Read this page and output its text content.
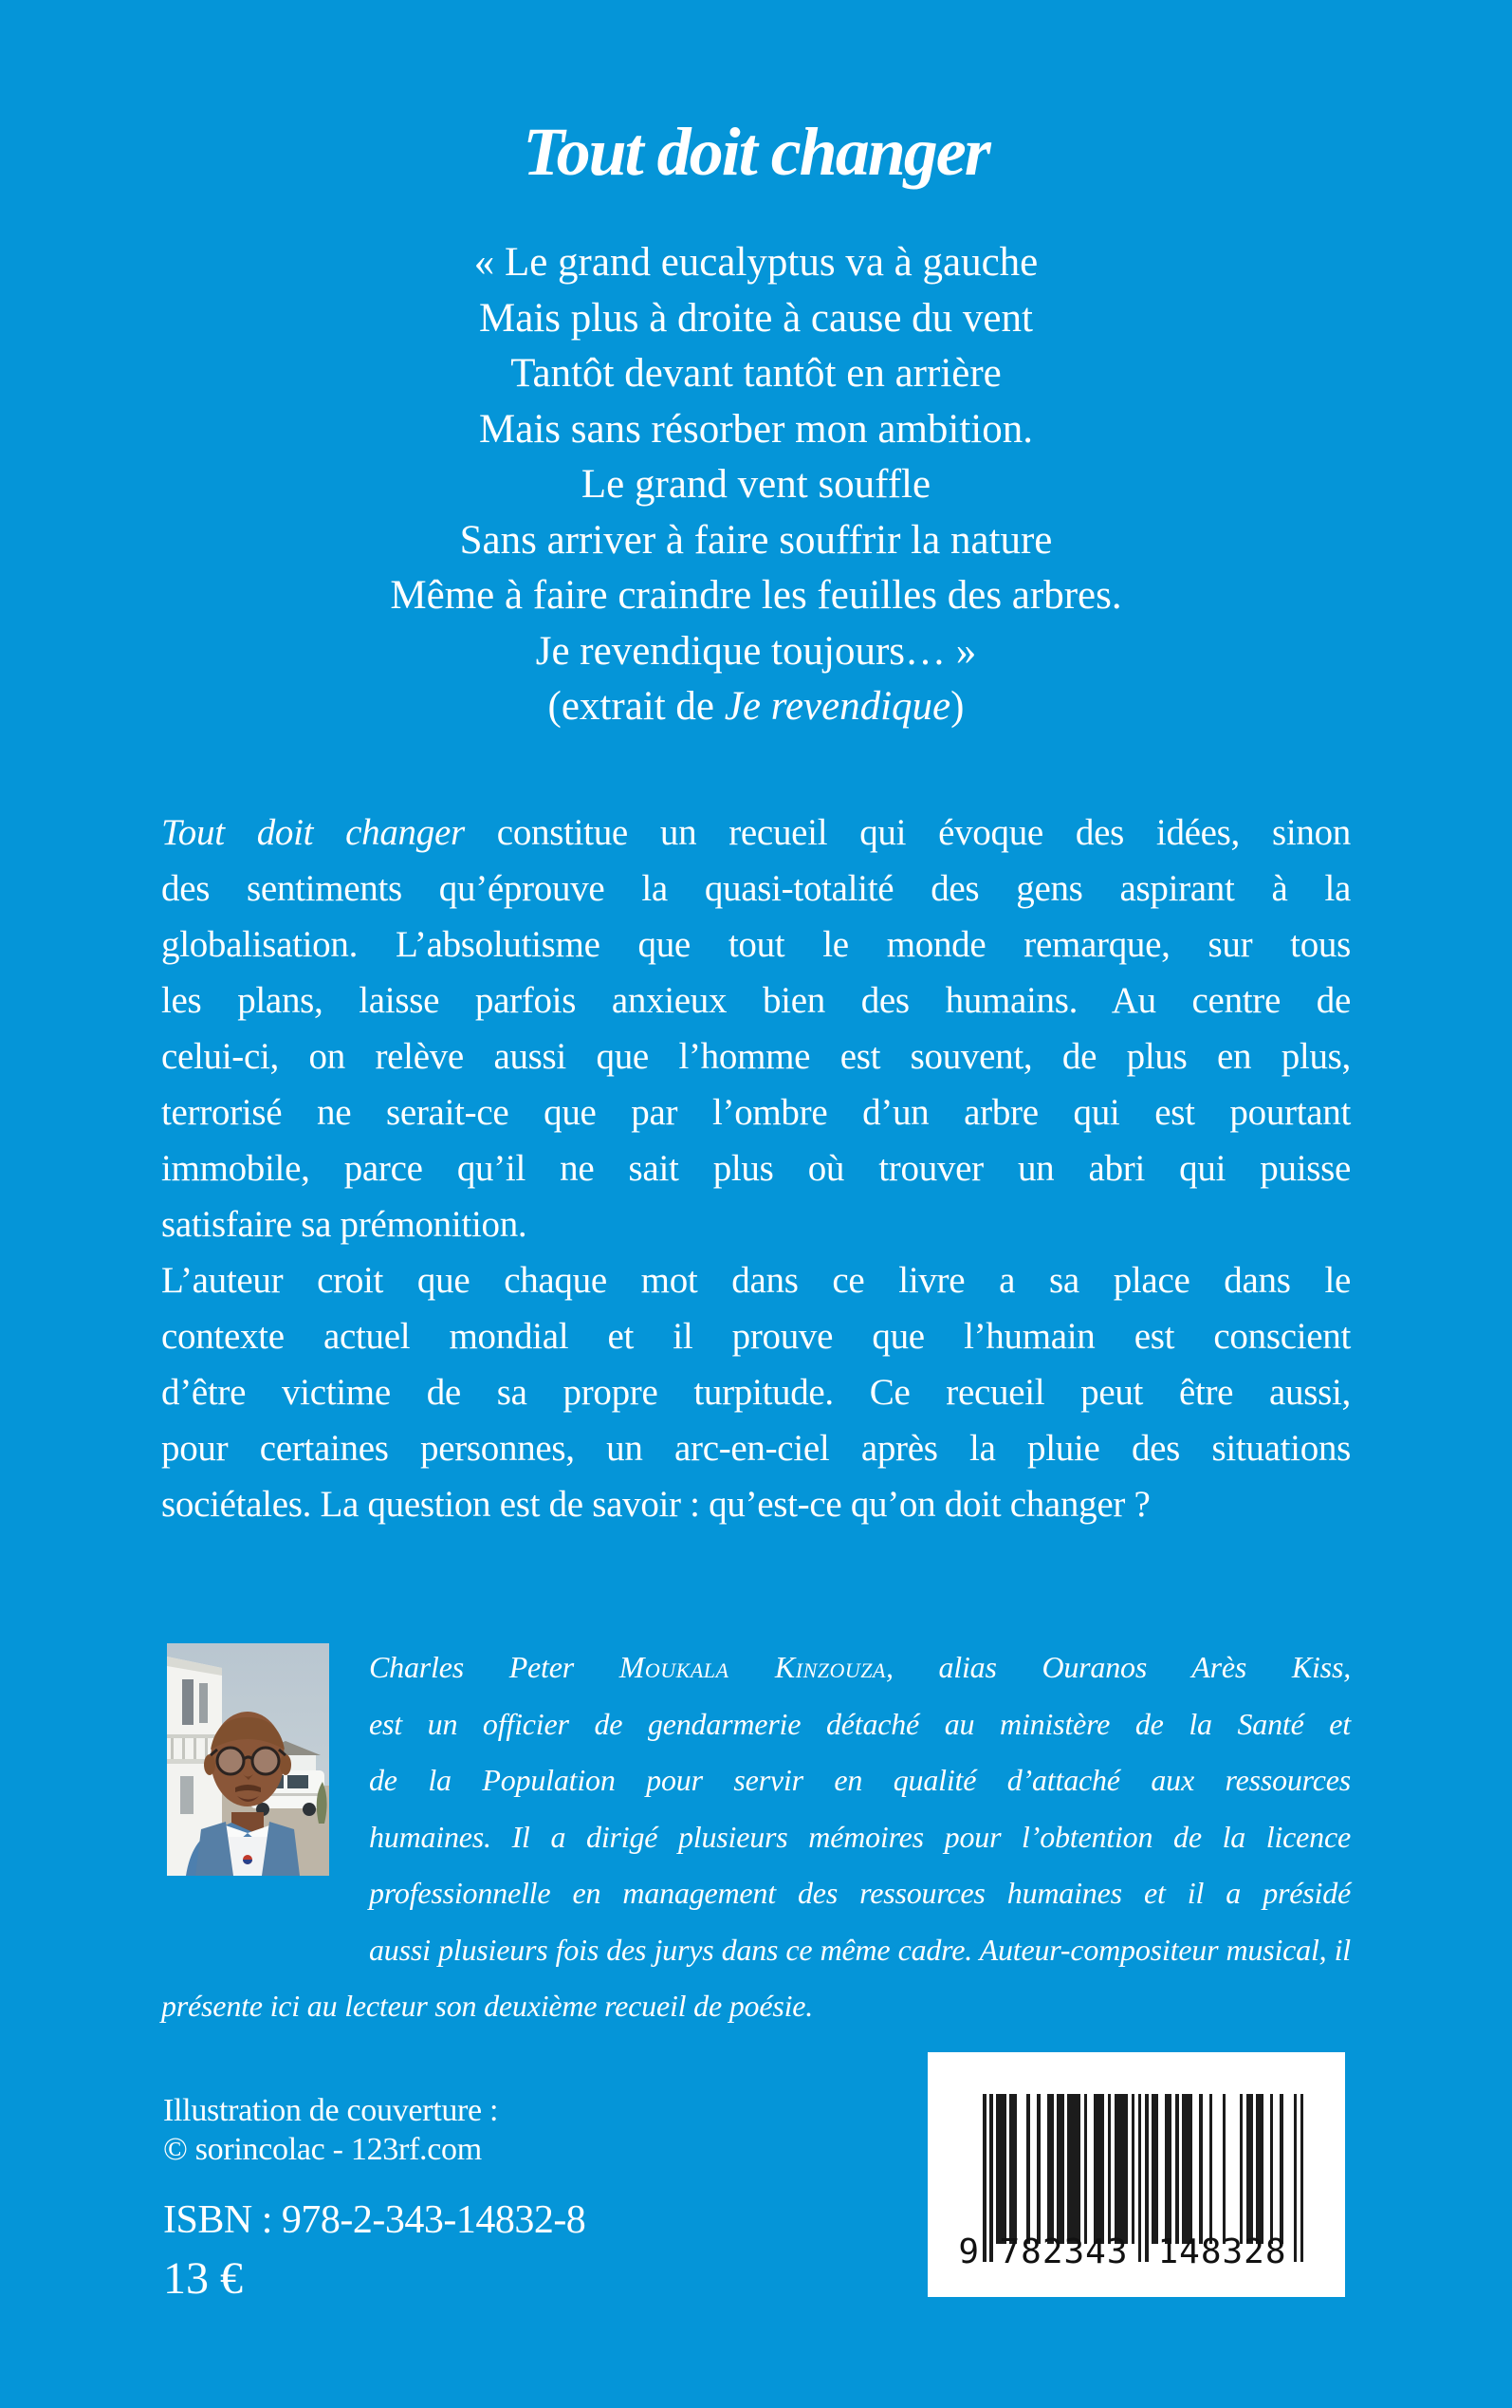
Tout doit changer
« Le grand eucalyptus va à gauche
Mais plus à droite à cause du vent
Tantôt devant tantôt en arrière
Mais sans résorber mon ambition.
Le grand vent souffle
Sans arriver à faire souffrir la nature
Même à faire craindre les feuilles des arbres.
Je revendique toujours… »
(extrait de Je revendique)
Tout doit changer constitue un recueil qui évoque des idées, sinon
des sentiments qu’éprouve la quasi-totalité des gens aspirant à la
globalisation. L’absolutisme que tout le monde remarque, sur tous
les plans, laisse parfois anxieux bien des humains. Au centre de
celui-ci, on relève aussi que l’homme est souvent, de plus en plus,
terrorisé ne serait-ce que par l’ombre d’un arbre qui est pourtant
immobile, parce qu’il ne sait plus où trouver un abri qui puisse
satisfaire sa prémonition.
L’auteur croit que chaque mot dans ce livre a sa place dans le
contexte actuel mondial et il prouve que l’humain est conscient
d’être victime de sa propre turpitude. Ce recueil peut être aussi,
pour certaines personnes, un arc-en-ciel après la pluie des situations
sociétales. La question est de savoir : qu’est-ce qu’on doit changer ?
Charles Peter Moukala Kinzouza, alias Ouranos Arès Kiss,
est un officier de gendarmerie détaché au ministère de la Santé et
de la Population pour servir en qualité d’attaché aux ressources
humaines. Il a dirigé plusieurs mémoires pour l’obtention de la licence
professionnelle en management des ressources humaines et il a présidé
aussi plusieurs fois des jurys dans ce même cadre. Auteur-compositeur musical, il
présente ici au lecteur son deuxième recueil de poésie.
Illustration de couverture :
© sorincolac - 123rf.com
ISBN : 978-2-343-14832-8
13 €
9 782343 148328
